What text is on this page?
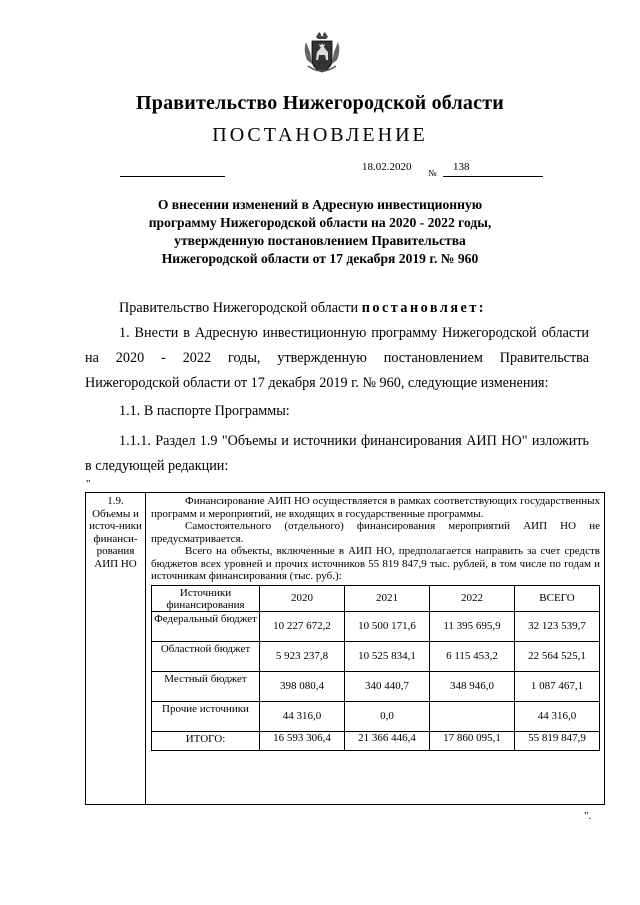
Правительство Нижегородской области
ПОСТАНОВЛЕНИЕ
18.02.2020 № 138
О внесении изменений в Адресную инвестиционную программу Нижегородской области на 2020 - 2022 годы, утвержденную постановлением Правительства Нижегородской области от 17 декабря 2019 г. № 960
Правительство Нижегородской области постановляет:
1. Внести в Адресную инвестиционную программу Нижегородской области на 2020 - 2022 годы, утвержденную постановлением Правительства Нижегородской области от 17 декабря 2019 г. № 960, следующие изменения:
1.1. В паспорте Программы:
1.1.1. Раздел 1.9 "Объемы и источники финансирования АИП НО" изложить в следующей редакции:
"
1.9. Объемы и источ-ники финанси-рования АИП НО	

Финансирование АИП НО осуществляется в рамках соответствующих государственных программ и мероприятий, не входящих в государственные программы.

Самостоятельного (отдельного) финансирования мероприятий АИП НО не предусматривается.

Всего на объекты, включенные в АИП НО, предполагается направить за счет средств бюджетов всех уровней и прочих источников 55 819 847,9 тыс. рублей, в том числе по годам и источникам финансирования (тыс. руб.):

Источники финансирования	2020	2021	2022	ВСЕГО
Федеральный бюджет	10 227 672,2	10 500 171,6	11 395 695,9	32 123 539,7
Областной бюджет	5 923 237,8	10 525 834,1	6 115 453,2	22 564 525,1
Местный бюджет	398 080,4	340 440,7	348 946,0	1 087 467,1
Прочие источники	44 316,0	0,0		44 316,0
ИТОГО:	16 593 306,4	21 366 446,4	17 860 095,1	55 819 847,9
".
